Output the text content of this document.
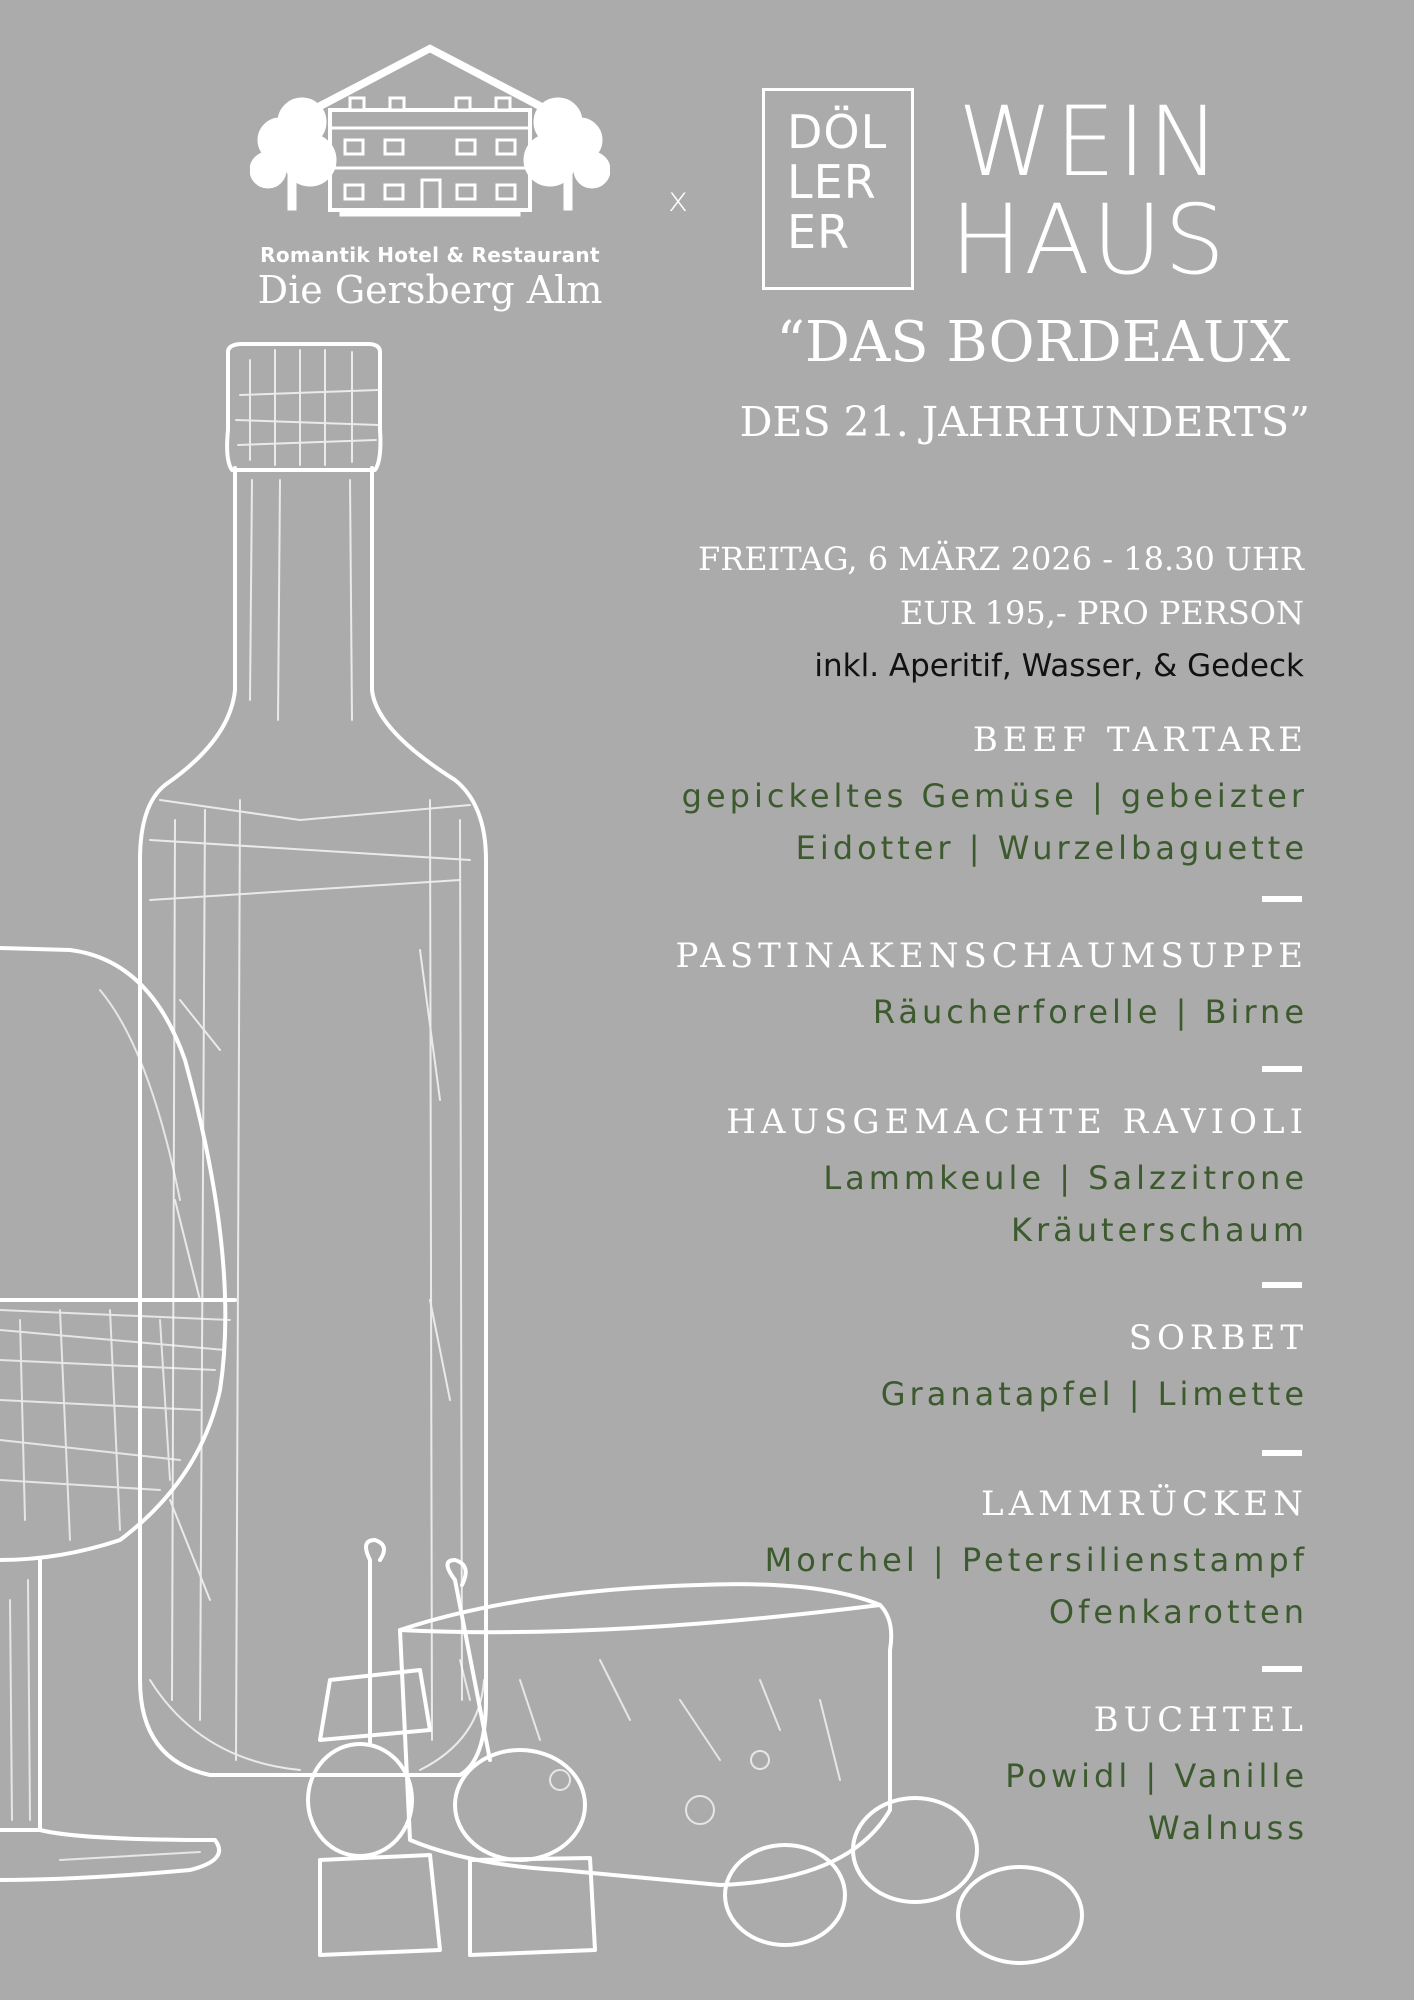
Romantik Hotel & Restaurant
Die Gersberg Alm
x
DÖL
LER
ER
WEIN
HAUS
“DAS BORDEAUX
DES 21. JAHRHUNDERTS”
FREITAG, 6 MÄRZ 2026 - 18.30 UHR
EUR 195,- PRO PERSON
inkl. Aperitif, Wasser, & Gedeck
BEEF TARTARE
gepickeltes Gemüse | gebeizter
Eidotter | Wurzelbaguette
PASTINAKENSCHAUMSUPPE
Räucherforelle | Birne
HAUSGEMACHTE RAVIOLI
Lammkeule | Salzzitrone
Kräuterschaum
SORBET
Granatapfel | Limette
LAMMRÜCKEN
Morchel | Petersilienstampf
Ofenkarotten
BUCHTEL
Powidl | Vanille
Walnuss
